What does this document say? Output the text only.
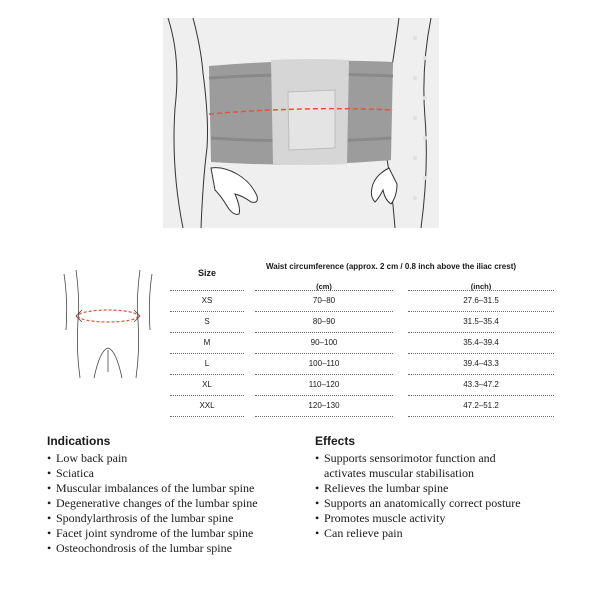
Size
Waist circumference (approx. 2 cm / 0.8 inch above the iliac crest)
(cm)	(inch)
XS	70–80	27.6–31.5
S	80–90	31.5–35.4
M	90–100	35.4–39.4
L	100–110	39.4–43.3
XL	110–120	43.3–47.2
XXL	120–130	47.2–51.2
Indications
• Low back pain
• Sciatica
• Muscular imbalances of the lumbar spine
• Degenerative changes of the lumbar spine
• Spondylarthrosis of the lumbar spine
• Facet joint syndrome of the lumbar spine
• Osteochondrosis of the lumbar spine
Effects
• Supports sensorimotor function and
activates muscular stabilisation
• Relieves the lumbar spine
• Supports an anatomically correct posture
• Promotes muscle activity
• Can relieve pain
